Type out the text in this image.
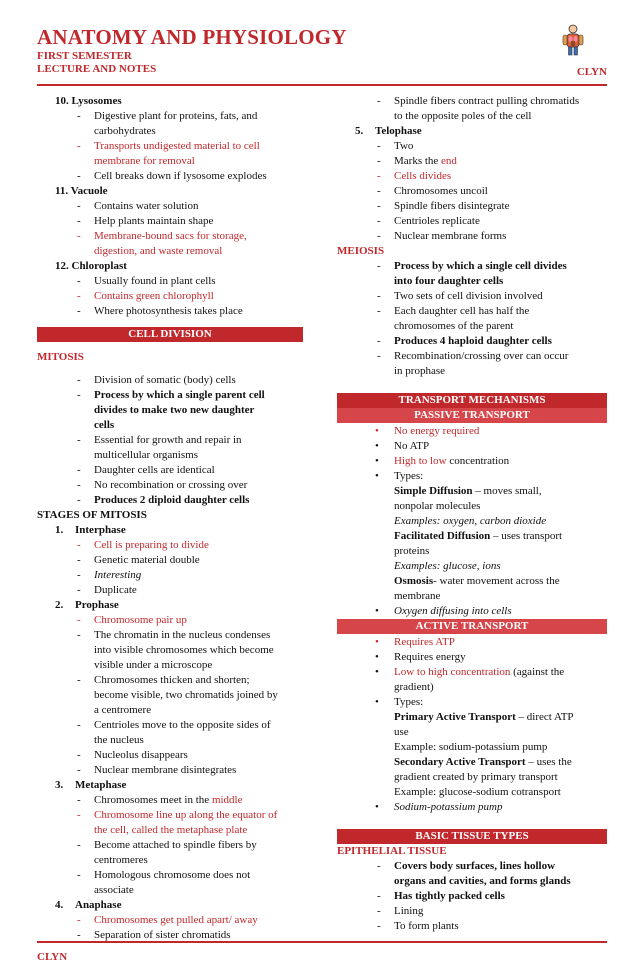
ANATOMY AND PHYSIOLOGY
FIRST SEMESTER
LECTURE AND NOTES	CLYN
10. Lysosomes
- Digestive plant for proteins, fats, and
carbohydrates
- Transports undigested material to cell
membrane for removal
- Cell breaks down if lysosome explodes
11. Vacuole
- Contains water solution
- Help plants maintain shape
- Membrane-bound sacs for storage,
digestion, and waste removal
12. Chloroplast
- Usually found in plant cells
- Contains green chlorophyll
- Where photosynthesis takes place
CELL DIVISION
MITOSIS
- Division of somatic (body) cells
- Process by which a single parent cell
divides to make two new daughter
cells
- Essential for growth and repair in
multicellular organisms
- Daughter cells are identical
- No recombination or crossing over
- Produces 2 diploid daughter cells
STAGES OF MITOSIS
1. Interphase
- Cell is preparing to divide
- Genetic material double
- Interesting
- Duplicate
2. Prophase
- Chromosome pair up
- The chromatin in the nucleus condenses
into visible chromosomes which become
visible under a microscope
- Chromosomes thicken and shorten;
become visible, two chromatids joined by
a centromere
- Centrioles move to the opposite sides of
the nucleus
- Nucleolus disappears
- Nuclear membrane disintegrates
3. Metaphase
- Chromosomes meet in the middle
- Chromosome line up along the equator of
the cell, called the metaphase plate
- Become attached to spindle fibers by
centromeres
- Homologous chromosome does not
associate
4. Anaphase
- Chromosomes get pulled apart/ away
- Separation of sister chromatids
- Spindle fibers contract pulling chromatids
to the opposite poles of the cell
5. Telophase
- Two
- Marks the end
- Cells divides
- Chromosomes uncoil
- Spindle fibers disintegrate
- Centrioles replicate
- Nuclear membrane forms
MEIOSIS
- Process by which a single cell divides
into four daughter cells
- Two sets of cell division involved
- Each daughter cell has half the
chromosomes of the parent
- Produces 4 haploid daughter cells
- Recombination/crossing over can occur
in prophase
TRANSPORT MECHANISMS
PASSIVE TRANSPORT
• No energy required
• No ATP
• High to low concentration
• Types:
Simple Diffusion – moves small,
nonpolar molecules
Examples: oxygen, carbon dioxide
Facilitated Diffusion – uses transport
proteins
Examples: glucose, ions
Osmosis- water movement across the
membrane
• Oxygen diffusing into cells
ACTIVE TRANSPORT
• Requires ATP
• Requires energy
• Low to high concentration (against the
gradient)
• Types:
Primary Active Transport – direct ATP
use
Example: sodium-potassium pump
Secondary Active Transport – uses the
gradient created by primary transport
Example: glucose-sodium cotransport
• Sodium-potassium pump
BASIC TISSUE TYPES
EPITHELIAL TISSUE
- Covers body surfaces, lines hollow
organs and cavities, and forms glands
- Has tightly packed cells
- Lining
- To form plants
CLYN
